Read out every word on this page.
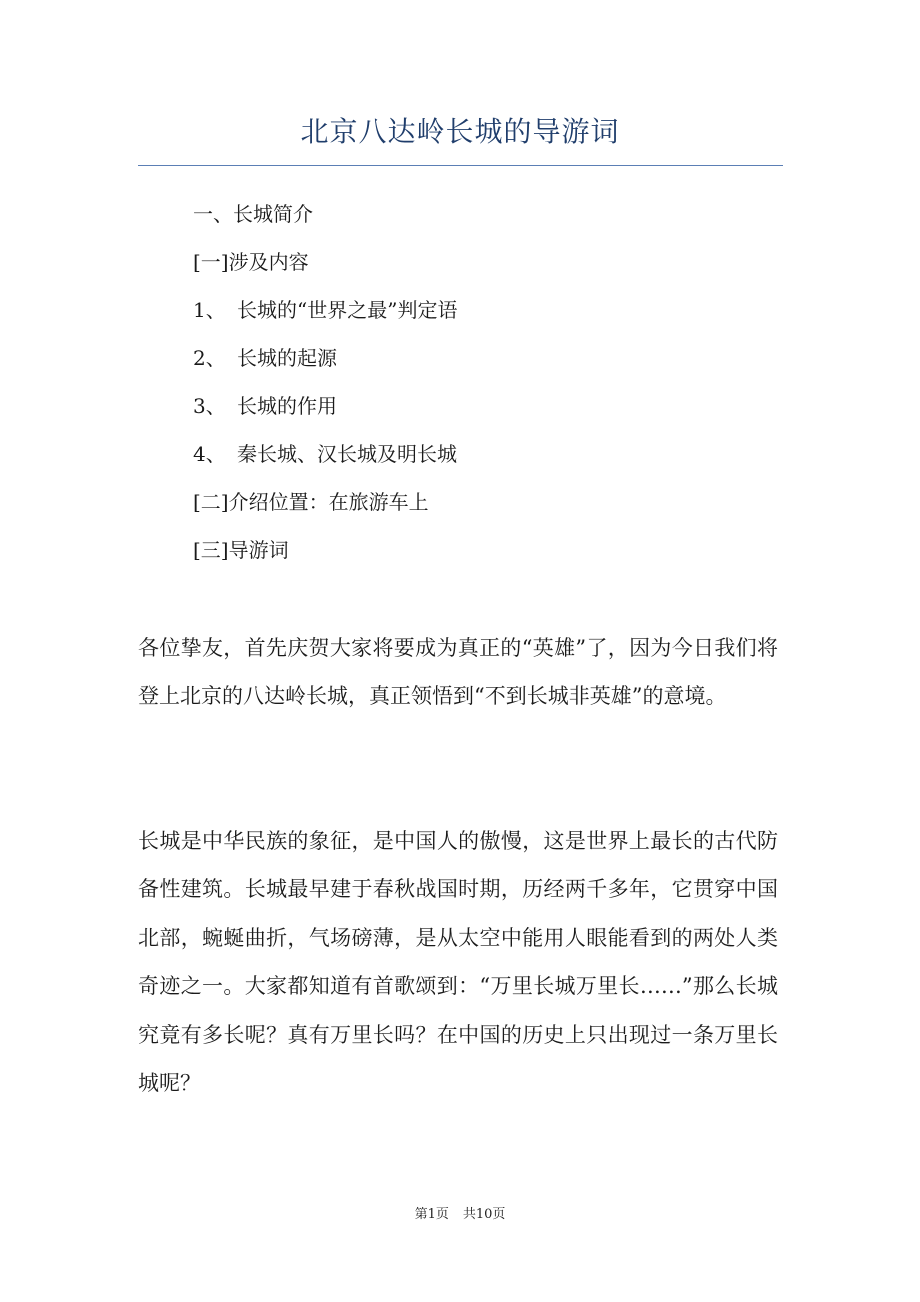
北京八达岭长城的导游词
一、长城简介
[一]涉及内容
1、 长城的“世界之最”判定语
2、 长城的起源
3、 长城的作用
4、 秦长城、汉长城及明长城
[二]介绍位置：在旅游车上
[三]导游词
各位挚友，首先庆贺大家将要成为真正的“英雄”了，因为今日我们将登上北京的八达岭长城，真正领悟到“不到长城非英雄”的意境。
长城是中华民族的象征，是中国人的傲慢，这是世界上最长的古代防备性建筑。长城最早建于春秋战国时期，历经两千多年，它贯穿中国北部，蜿蜒曲折，气场磅薄，是从太空中能用人眼能看到的两处人类奇迹之一。大家都知道有首歌颂到：“万里长城万里长……”那么长城究竟有多长呢？真有万里长吗？在中国的历史上只出现过一条万里长城呢？
第1页 共10页
